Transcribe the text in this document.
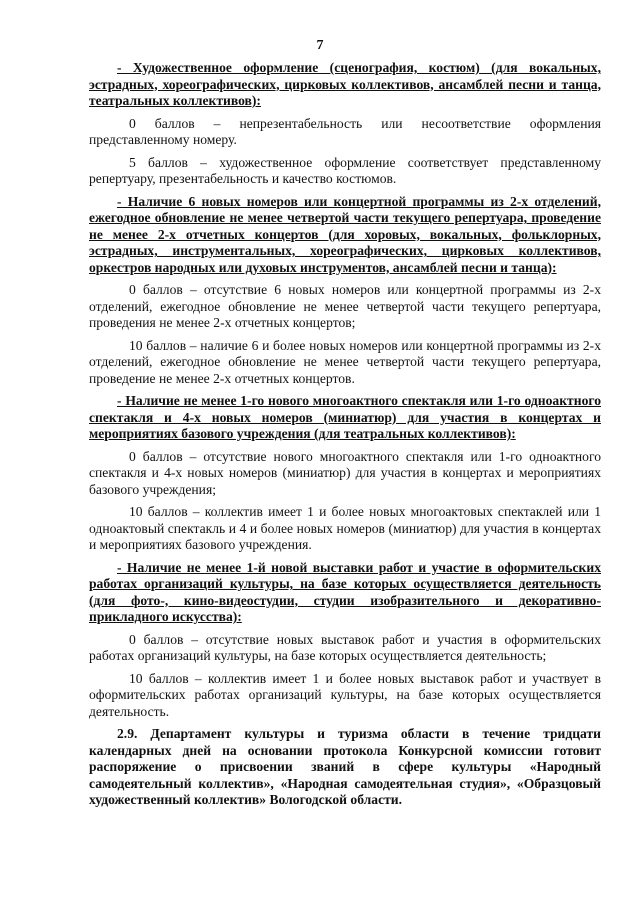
7

- Художественное оформление (сценография, костюм) (для вокальных, эстрадных, хореографических, цирковых коллективов, ансамблей песни и танца, театральных коллективов):

0 баллов – непрезентабельность или несоответствие оформления представленному номеру.

5 баллов – художественное оформление соответствует представленному репертуару, презентабельность и качество костюмов.

- Наличие 6 новых номеров или концертной программы из 2-х отделений, ежегодное обновление не менее четвертой части текущего репертуара, проведение не менее 2-х отчетных концертов (для хоровых, вокальных, фольклорных, эстрадных, инструментальных, хореографических, цирковых коллективов, оркестров народных или духовых инструментов, ансамблей песни и танца):

0 баллов – отсутствие 6 новых номеров или концертной программы из 2-х отделений, ежегодное обновление не менее четвертой части текущего репертуара, проведения не менее 2-х отчетных концертов;

10 баллов – наличие 6 и более новых номеров или концертной программы из 2-х отделений, ежегодное обновление не менее четвертой части текущего репертуара, проведение не менее 2-х отчетных концертов.

- Наличие не менее 1-го нового многоактного спектакля или 1-го одноактного спектакля и 4-х новых номеров (миниатюр) для участия в концертах и мероприятиях базового учреждения (для театральных коллективов):

0 баллов – отсутствие нового многоактного спектакля или 1-го одноактного спектакля и 4-х новых номеров (миниатюр) для участия в концертах и мероприятиях базового учреждения;

10 баллов – коллектив имеет 1 и более новых многоактовых спектаклей или 1 одноактовый спектакль и 4 и более новых номеров (миниатюр) для участия в концертах и мероприятиях базового учреждения.

- Наличие не менее 1-й новой выставки работ и участие в оформительских работах организаций культуры, на базе которых осуществляется деятельность (для фото-, кино-видеостудии, студии изобразительного и декоративно-прикладного искусства):

0 баллов – отсутствие новых выставок работ и участия в оформительских работах организаций культуры, на базе которых осуществляется деятельность;

10 баллов – коллектив имеет 1 и более новых выставок работ и участвует в оформительских работах организаций культуры, на базе которых осуществляется деятельность.

2.9. Департамент культуры и туризма области в течение тридцати календарных дней на основании протокола Конкурсной комиссии готовит распоряжение о присвоении званий в сфере культуры «Народный самодеятельный коллектив», «Народная самодеятельная студия», «Образцовый художественный коллектив» Вологодской области.
